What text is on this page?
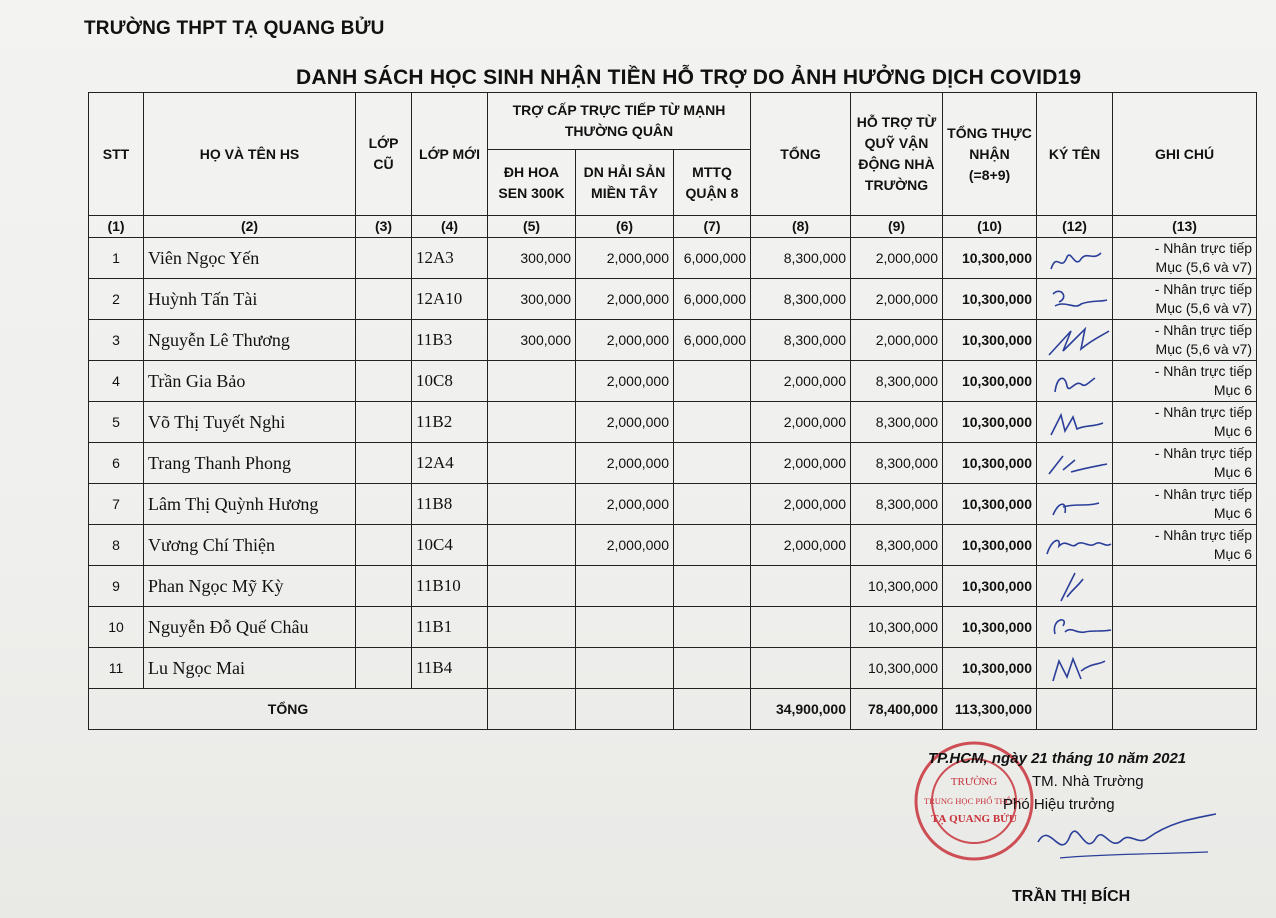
TRƯỜNG THPT TẠ QUANG BỬU
DANH SÁCH HỌC SINH NHẬN TIỀN HỖ TRỢ DO ẢNH HƯỞNG DỊCH COVID19
STT	HỌ VÀ TÊN HS	LỚP CŨ	LỚP MỚI	TRỢ CẤP TRỰC TIẾP TỪ MẠNH THƯỜNG QUÂN			TỔNG	HỖ TRỢ TỪ QUỸ VẬN ĐỘNG NHÀ TRƯỜNG	TỔNG THỰC NHẬN (=8+9)	KÝ TÊN	GHI CHÚ
				ĐH HOA SEN 300K	DN HẢI SẢN MIỀN TÂY	MTTQ QUẬN 8					
(1)	(2)	(3)	(4)	(5)	(6)	(7)	(8)	(9)	(10)	(12)	(13)
1	Viên Ngọc Yến		12A3	300,000	2,000,000	6,000,000	8,300,000	2,000,000	10,300,000		- Nhân trực tiếp
Mục (5,6 và v7)

2	Huỳnh Tấn Tài		12A10	300,000	2,000,000	6,000,000	8,300,000	2,000,000	10,300,000		- Nhân trực tiếp
Mục (5,6 và v7)

3	Nguyễn Lê Thương		11B3	300,000	2,000,000	6,000,000	8,300,000	2,000,000	10,300,000		- Nhân trực tiếp
Mục (5,6 và v7)

4	Trần Gia Bảo		10C8		2,000,000		2,000,000	8,300,000	10,300,000		- Nhân trực tiếp
Mục 6

5	Võ Thị Tuyết Nghi		11B2		2,000,000		2,000,000	8,300,000	10,300,000		- Nhân trực tiếp
Mục 6

6	Trang Thanh Phong		12A4		2,000,000		2,000,000	8,300,000	10,300,000		- Nhân trực tiếp
Mục 6

7	Lâm Thị Quỳnh Hương		11B8		2,000,000		2,000,000	8,300,000	10,300,000		- Nhân trực tiếp
Mục 6

8	Vương Chí Thiện		10C4		2,000,000		2,000,000	8,300,000	10,300,000		- Nhân trực tiếp
Mục 6

9	Phan Ngọc Mỹ Kỳ		11B10					10,300,000	10,300,000	

10	Nguyễn Đỗ Quế Châu		11B1					10,300,000	10,300,000	

11	Lu Ngọc Mai		11B4					10,300,000	10,300,000	

TỔNG							34,900,000	78,400,000	113,300,000		
TRƯỜNG
TRUNG HỌC PHỔ THÔNG
TẠ QUANG BỬU
TP.HCM, ngày 21 tháng 10 năm 2021
TM. Nhà Trường
Phó Hiệu trưởng
TRẦN THỊ BÍCH
